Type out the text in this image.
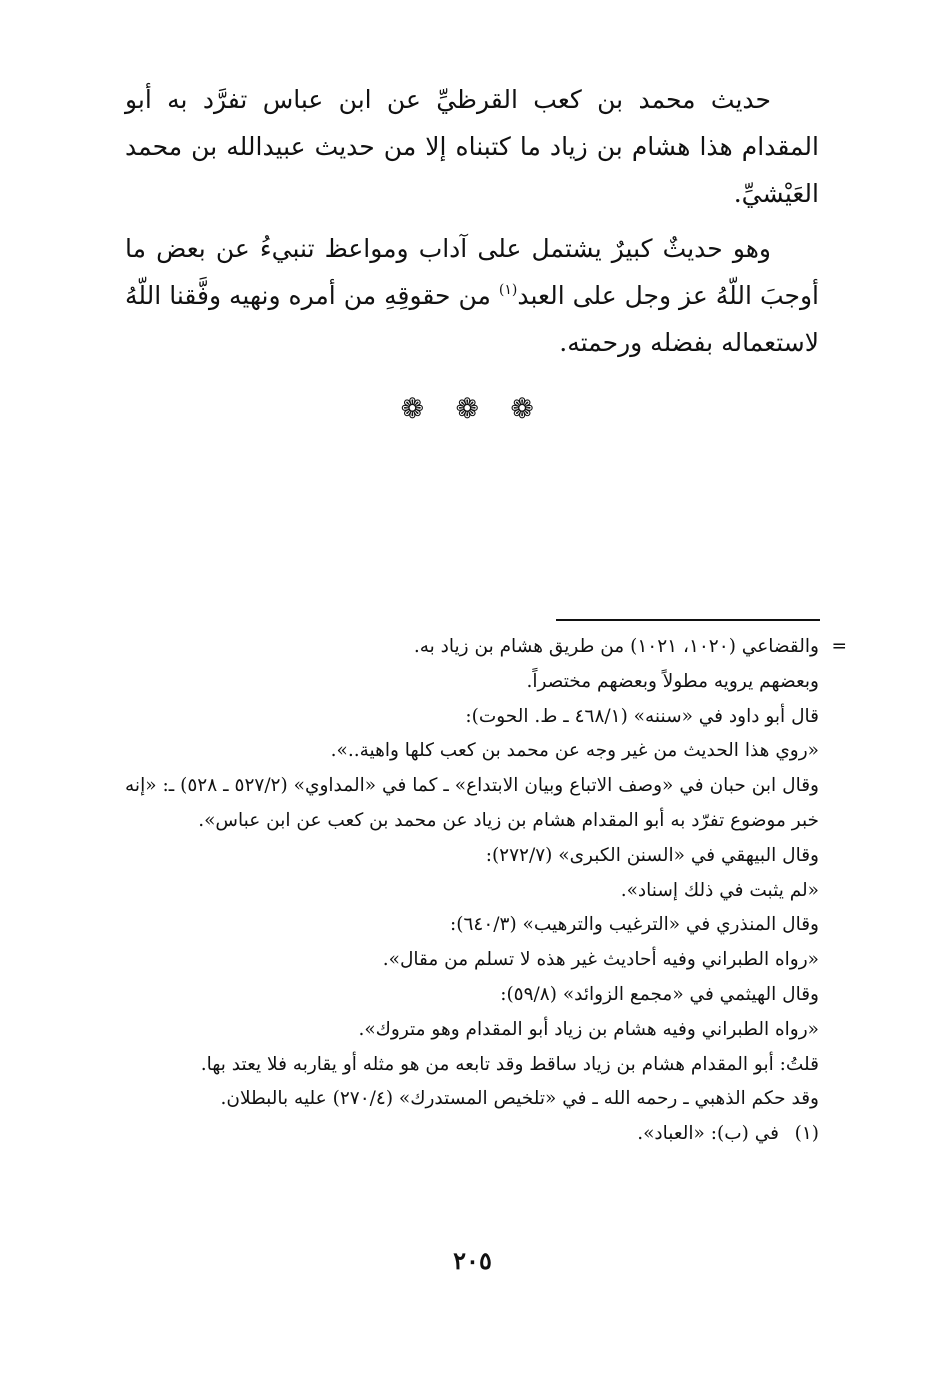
حديث محمد بن كعب القرظيِّ عن ابن عباس تفرَّد به أبو المقدام هذا هشام بن زياد ما كتبناه إلا من حديث عبيدالله بن محمد العَيْشيِّ.

وهو حديثٌ كبيرٌ يشتمل على آداب ومواعظ تنبيءُ عن بعض ما أوجبَ اللّهُ عز وجل على العبد$^{(١)}$ من حقوقِهِ من أمره ونهيه وفَّقنا اللّهُ لاستعماله بفضله ورحمته.

❁ ❁ ❁

=
والقضاعي (١٠٢٠، ١٠٢١) من طريق هشام بن زياد به.

وبعضهم يرويه مطولاً وبعضهم مختصراً.

قال أبو داود في «سننه» (٤٦٨/١ ـ ط. الحوت):

«روي هذا الحديث من غير وجه عن محمد بن كعب كلها واهية..».

وقال ابن حبان في «وصف الاتباع وبيان الابتداع» ـ كما في «المداوي» (٥٢٧/٢ ـ ٥٢٨) ـ: «إنه خبر موضوع تفرّد به أبو المقدام هشام بن زياد عن محمد بن كعب عن ابن عباس».

وقال البيهقي في «السنن الكبرى» (٢٧٢/٧):

«لم يثبت في ذلك إسناد».

وقال المنذري في «الترغيب والترهيب» (٦٤٠/٣):

«رواه الطبراني وفيه أحاديث غير هذه لا تسلم من مقال».

وقال الهيثمي في «مجمع الزوائد» (٥٩/٨):

«رواه الطبراني وفيه هشام بن زياد أبو المقدام وهو متروك».

قلتُ: أبو المقدام هشام بن زياد ساقط وقد تابعه من هو مثله أو يقاربه فلا يعتد بها.

وقد حكم الذهبي ـ رحمه الله ـ في «تلخيص المستدرك» (٢٧٠/٤) عليه بالبطلان.

(١)في (ب): «العباد».

٢٠٥
